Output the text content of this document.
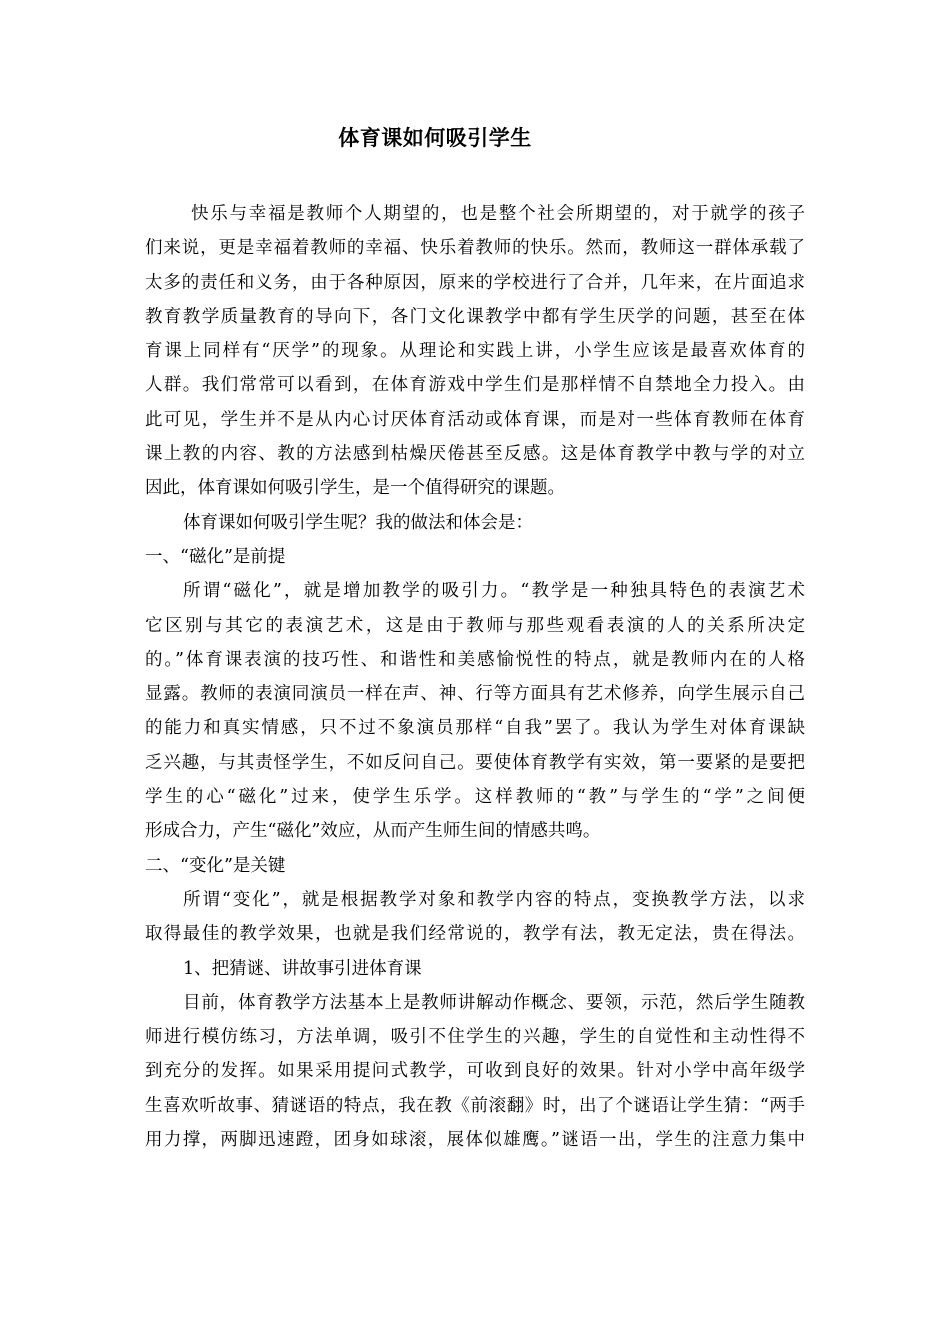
体育课如何吸引学生
快乐与幸福是教师个人期望的，也是整个社会所期望的，对于就学的孩子
们来说，更是幸福着教师的幸福、快乐着教师的快乐。然而，教师这一群体承载了
太多的责任和义务，由于各种原因，原来的学校进行了合并，几年来，在片面追求
教育教学质量教育的导向下，各门文化课教学中都有学生厌学的问题，甚至在体
育课上同样有“厌学”的现象。从理论和实践上讲，小学生应该是最喜欢体育的
人群。我们常常可以看到，在体育游戏中学生们是那样情不自禁地全力投入。由
此可见，学生并不是从内心讨厌体育活动或体育课，而是对一些体育教师在体育
课上教的内容、教的方法感到枯燥厌倦甚至反感。这是体育教学中教与学的对立
因此，体育课如何吸引学生，是一个值得研究的课题。
体育课如何吸引学生呢？我的做法和体会是：
一、“磁化”是前提
所谓“磁化”，就是增加教学的吸引力。“教学是一种独具特色的表演艺术
它区别与其它的表演艺术，这是由于教师与那些观看表演的人的关系所决定
的。”体育课表演的技巧性、和谐性和美感愉悦性的特点，就是教师内在的人格
显露。教师的表演同演员一样在声、神、行等方面具有艺术修养，向学生展示自己
的能力和真实情感，只不过不象演员那样“自我”罢了。我认为学生对体育课缺
乏兴趣，与其责怪学生，不如反问自己。要使体育教学有实效，第一要紧的是要把
学生的心“磁化”过来，使学生乐学。这样教师的“教”与学生的“学”之间便
形成合力，产生“磁化”效应，从而产生师生间的情感共鸣。
二、“变化”是关键
所谓“变化”，就是根据教学对象和教学内容的特点，变换教学方法，以求
取得最佳的教学效果，也就是我们经常说的，教学有法，教无定法，贵在得法。
1、把猜谜、讲故事引进体育课
目前，体育教学方法基本上是教师讲解动作概念、要领，示范，然后学生随教
师进行模仿练习，方法单调，吸引不住学生的兴趣，学生的自觉性和主动性得不
到充分的发挥。如果采用提问式教学，可收到良好的效果。针对小学中高年级学
生喜欢听故事、猜谜语的特点，我在教《前滚翻》时，出了个谜语让学生猜：“两手
用力撑，两脚迅速蹬，团身如球滚，展体似雄鹰。”谜语一出，学生的注意力集中
